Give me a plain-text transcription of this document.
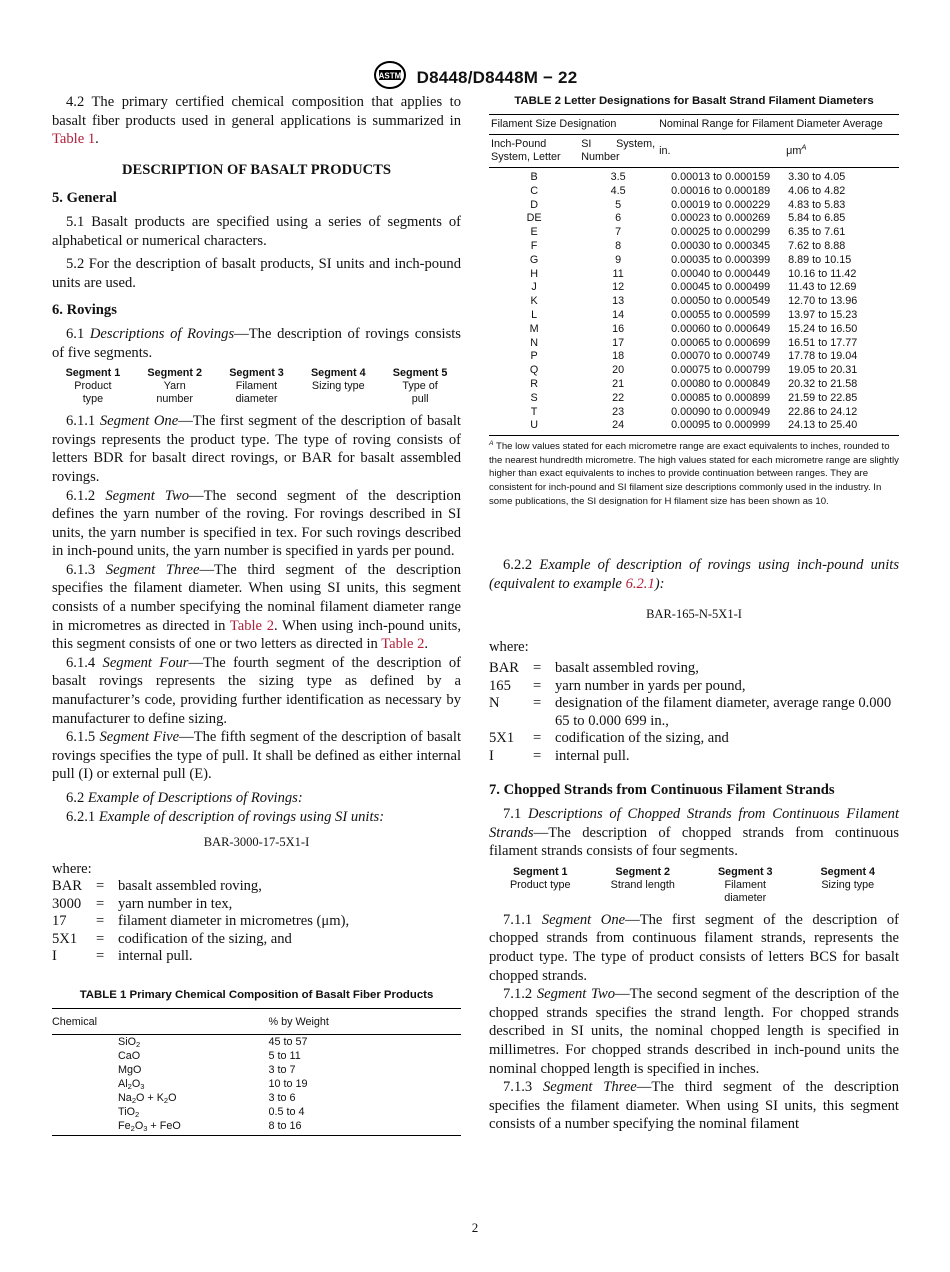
ASTM D8448/D8448M − 22

4.2 The primary certified chemical composition that applies to basalt fiber products used in general applications is summarized in Table 1.

DESCRIPTION OF BASALT PRODUCTS
5. General

5.1 Basalt products are specified using a series of segments of alphabetical or numerical characters.

5.2 For the description of basalt products, SI units and inch-pound units are used.

6. Rovings

6.1 Descriptions of Rovings—The description of rovings consists of five segments.

Segment 1
Product
type
Segment 2
Yarn
number
Segment 3
Filament
diameter
Segment 4
Sizing type
Segment 5
Type of
pull

6.1.1 Segment One—The first segment of the description of basalt rovings represents the product type. The type of roving consists of letters BDR for basalt direct rovings, or BAR for basalt assembled rovings.

6.1.2 Segment Two—The second segment of the description defines the yarn number of the roving. For rovings described in SI units, the yarn number is specified in tex. For such rovings described in inch-pound units, the yarn number is specified in yards per pound.

6.1.3 Segment Three—The third segment of the description specifies the filament diameter. When using SI units, this segment consists of a number specifying the nominal filament diameter range in micrometres as directed in Table 2. When using inch-pound units, this segment consists of one or two letters as directed in Table 2.

6.1.4 Segment Four—The fourth segment of the description of basalt rovings represents the sizing type as defined by a manufacturer’s code, providing further identification as necessary by manufacturer to define sizing.

6.1.5 Segment Five—The fifth segment of the description of basalt rovings specifies the type of pull. It shall be defined as either internal pull (I) or external pull (E).

6.2 Example of Descriptions of Rovings:

6.2.1 Example of description of rovings using SI units:

BAR-3000-17-5X1-I

where:

BAR = basalt assembled roving,
3000	= yarn number in tex,
17	= filament diameter in micrometres (μm),
5X1	= codification of the sizing, and
I	= internal pull.
TABLE 1 Primary Chemical Composition of Basalt Fiber Products
Chemical	% by Weight
SiO$_2$	45 to 57
CaO	5 to 11
MgO	3 to 7
$Al_2O_3$	10 to 19
$Na_2O + K_2O$	3 to 6
TiO$_2$	0.5 to 4
$Fe_2O_3$ + FeO	8 to 16
TABLE 2 Letter Designations for Basalt Strand Filament Diameters
Filament Size Designation		Nominal Range for Filament Diameter Average	
Inch-Pound System, Letter	SI System, Number	in.	$\mu m^A$
B	3.5	0.00013 to 0.000159	3.30 to 4.05
C	4.5	0.00016 to 0.000189	4.06 to 4.82
D	5	0.00019 to 0.000229	4.83 to 5.83
DE	6	0.00023 to 0.000269	5.84 to 6.85
E	7	0.00025 to 0.000299	6.35 to 7.61
F	8	0.00030 to 0.000345	7.62 to 8.88
G	9	0.00035 to 0.000399	8.89 to 10.15
H	11	0.00040 to 0.000449	10.16 to 11.42
J	12	0.00045 to 0.000499	11.43 to 12.69
K	13	0.00050 to 0.000549	12.70 to 13.96
L	14	0.00055 to 0.000599	13.97 to 15.23
M	16	0.00060 to 0.000649	15.24 to 16.50
N	17	0.00065 to 0.000699	16.51 to 17.77
P	18	0.00070 to 0.000749	17.78 to 19.04
Q	20	0.00075 to 0.000799	19.05 to 20.31
R	21	0.00080 to 0.000849	20.32 to 21.58
S	22	0.00085 to 0.000899	21.59 to 22.85
T	23	0.00090 to 0.000949	22.86 to 24.12
U	24	0.00095 to 0.000999	24.13 to 25.40
$^A$ The low values stated for each micrometre range are exact equivalents to inches, rounded to the nearest hundredth micrometre. The high values stated for each micrometre range are slightly higher than exact equivalents to inches to provide continuation between ranges. They are consistent for inch-pound and SI filament size descriptions commonly used in the industry. In some publications, the SI designation for H filament size has been shown as 10.

6.2.2 Example of description of rovings using inch-pound units (equivalent to example 6.2.1):

BAR-165-N-5X1-I

where:

BAR = basalt assembled roving,
165	= yarn number in yards per pound,
N	= designation of the filament diameter, average range 0.000 65 to 0.000 699 in.,
5X1	= codification of the sizing, and
I	= internal pull.
7. Chopped Strands from Continuous Filament Strands

7.1 Descriptions of Chopped Strands from Continuous Filament Strands—The description of chopped strands from continuous filament strands consists of four segments.

Segment 1
Product type
Segment 2
Strand length
Segment 3
Filament
diameter
Segment 4
Sizing type

7.1.1 Segment One—The first segment of the description of chopped strands from continuous filament strands, represents the product type. The type of product consists of letters BCS for basalt chopped strands.

7.1.2 Segment Two—The second segment of the description of the chopped strands specifies the strand length. For chopped strands described in SI units, the nominal chopped length is specified in millimetres. For chopped strands described in inch-pound units the nominal chopped length is specified in inches.

7.1.3 Segment Three—The third segment of the description specifies the filament diameter. When using SI units, this segment consists of a number specifying the nominal filament

2
